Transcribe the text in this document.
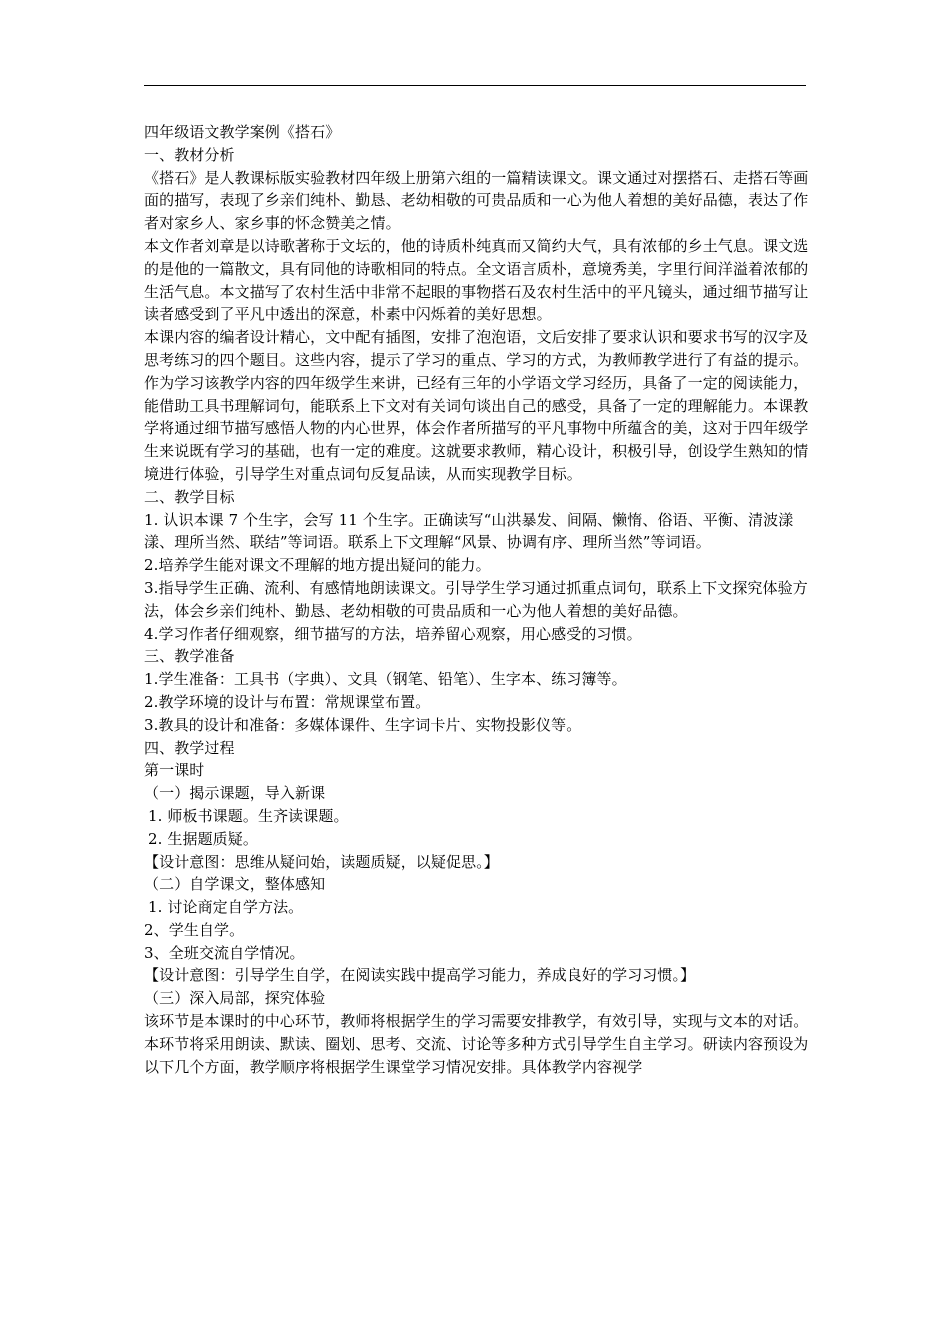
四年级语文教学案例《搭石》

一、教材分析

《搭石》是人教课标版实验教材四年级上册第六组的一篇精读课文。课文通过对摆搭石、走搭石等画面的描写，表现了乡亲们纯朴、勤恳、老幼相敬的可贵品质和一心为他人着想的美好品德，表达了作者对家乡人、家乡事的怀念赞美之情。

本文作者刘章是以诗歌著称于文坛的，他的诗质朴纯真而又简约大气，具有浓郁的乡土气息。课文选的是他的一篇散文，具有同他的诗歌相同的特点。全文语言质朴，意境秀美，字里行间洋溢着浓郁的生活气息。本文描写了农村生活中非常不起眼的事物搭石及农村生活中的平凡镜头，通过细节描写让读者感受到了平凡中透出的深意，朴素中闪烁着的美好思想。

本课内容的编者设计精心，文中配有插图，安排了泡泡语，文后安排了要求认识和要求书写的汉字及思考练习的四个题目。这些内容，提示了学习的重点、学习的方式，为教师教学进行了有益的提示。

作为学习该教学内容的四年级学生来讲，已经有三年的小学语文学习经历，具备了一定的阅读能力，能借助工具书理解词句，能联系上下文对有关词句谈出自己的感受，具备了一定的理解能力。本课教学将通过细节描写感悟人物的内心世界，体会作者所描写的平凡事物中所蕴含的美，这对于四年级学生来说既有学习的基础，也有一定的难度。这就要求教师，精心设计，积极引导，创设学生熟知的情境进行体验，引导学生对重点词句反复品读，从而实现教学目标。

二、教学目标

1. 认识本课 7 个生字，会写 11 个生字。正确读写“山洪暴发、间隔、懒惰、俗语、平衡、清波漾漾、理所当然、联结”等词语。联系上下文理解“风景、协调有序、理所当然”等词语。

2.培养学生能对课文不理解的地方提出疑问的能力。

3.指导学生正确、流利、有感情地朗读课文。引导学生学习通过抓重点词句，联系上下文探究体验方法，体会乡亲们纯朴、勤恳、老幼相敬的可贵品质和一心为他人着想的美好品德。

4.学习作者仔细观察，细节描写的方法，培养留心观察，用心感受的习惯。

三、教学准备

1.学生准备：工具书（字典）、文具（钢笔、铅笔）、生字本、练习簿等。

2.教学环境的设计与布置：常规课堂布置。

3.教具的设计和准备：多媒体课件、生字词卡片、实物投影仪等。

四、教学过程

第一课时

（一）揭示课题，导入新课

1. 师板书课题。生齐读课题。

2. 生据题质疑。

【设计意图：思维从疑问始，读题质疑，以疑促思。】

（二）自学课文，整体感知

1. 讨论商定自学方法。

2、学生自学。

3、全班交流自学情况。

【设计意图：引导学生自学，在阅读实践中提高学习能力，养成良好的学习习惯。】

（三）深入局部，探究体验

该环节是本课时的中心环节，教师将根据学生的学习需要安排教学，有效引导，实现与文本的对话。本环节将采用朗读、默读、圈划、思考、交流、讨论等多种方式引导学生自主学习。研读内容预设为以下几个方面，教学顺序将根据学生课堂学习情况安排。具体教学内容视学
